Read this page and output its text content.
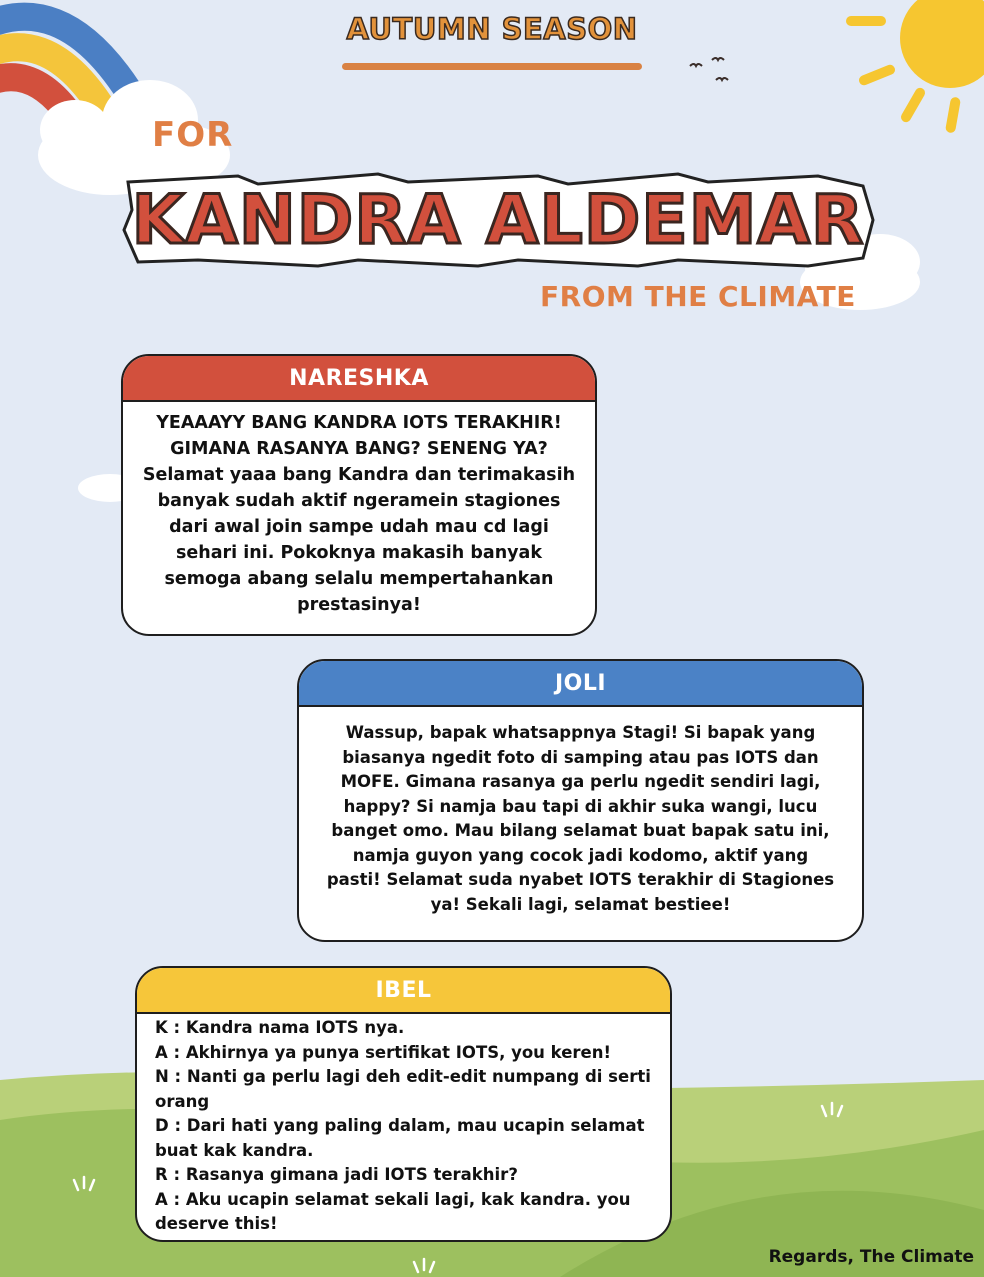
AUTUMN SEASON
FOR
KANDRA ALDEMAR
FROM THE CLIMATE
NARESHKA

YEAAAYY BANG KANDRA IOTS TERAKHIR!

GIMANA RASANYA BANG? SENENG YA?

Selamat yaaa bang Kandra dan terimakasih

banyak sudah aktif ngeramein stagiones

dari awal join sampe udah mau cd lagi

sehari ini. Pokoknya makasih banyak

semoga abang selalu mempertahankan

prestasinya!

JOLI

Wassup, bapak whatsappnya Stagi! Si bapak yang

biasanya ngedit foto di samping atau pas IOTS dan

MOFE. Gimana rasanya ga perlu ngedit sendiri lagi,

happy? Si namja bau tapi di akhir suka wangi, lucu

banget omo. Mau bilang selamat buat bapak satu ini,

namja guyon yang cocok jadi kodomo, aktif yang

pasti! Selamat suda nyabet IOTS terakhir di Stagiones

ya! Sekali lagi, selamat bestiee!

IBEL

K : Kandra nama IOTS nya.

A : Akhirnya ya punya sertifikat IOTS, you keren!

N : Nanti ga perlu lagi deh edit-edit numpang di serti orang

D : Dari hati yang paling dalam, mau ucapin selamat buat kak kandra.

R : Rasanya gimana jadi IOTS terakhir?

A : Aku ucapin selamat sekali lagi, kak kandra. you deserve this!

Regards, The Climate
